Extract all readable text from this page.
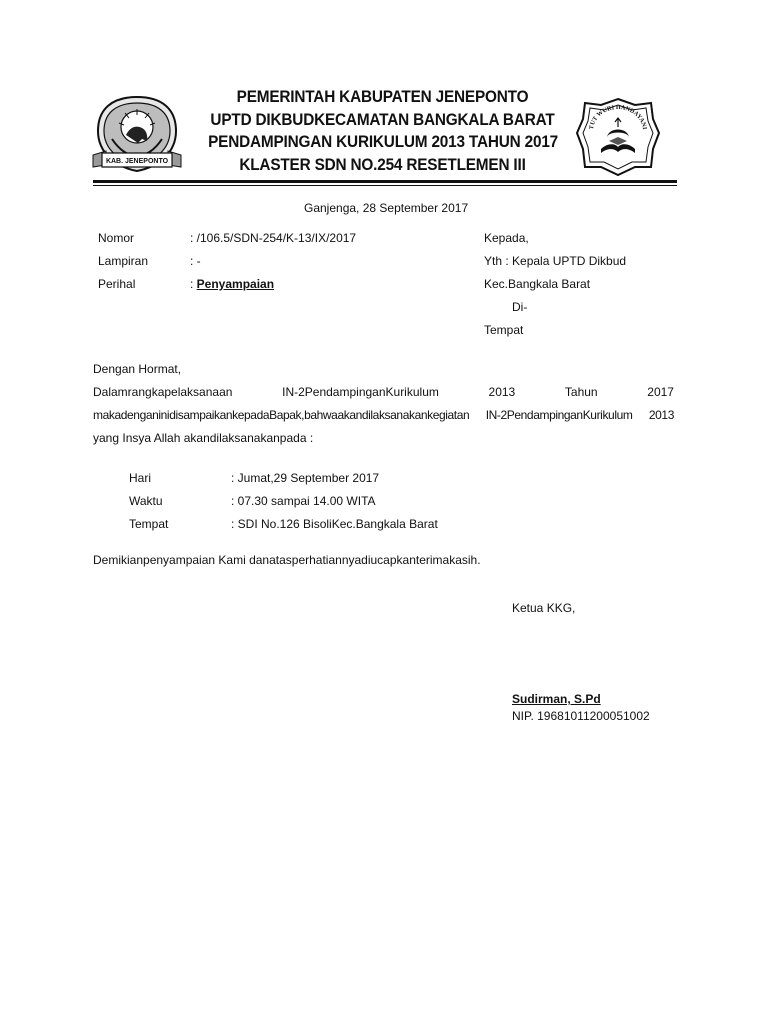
KAB. JENEPONTO
PEMERINTAH KABUPATEN JENEPONTO
UPTD DIKBUDKECAMATAN BANGKALA BARAT
PENDAMPINGAN KURIKULUM 2013 TAHUN 2017
KLASTER SDN NO.254 RESETLEMEN III
TUT WURI HANDAYANI
Ganjenga, 28 September 2017
Nomor	: /106.5/SDN-254/K-13/IX/2017
Lampiran	: -
Perihal	: Penyampaian
Kepada,
Yth : Kepala UPTD Dikbud
Kec.Bangkala Barat
Di-
Tempat
Dengan Hormat,
Dalamrangkapelaksanaan	IN-2PendampinganKurikulum	2013	Tahun	2017
makadenganinidisampaikankepadaBapak,bahwaakandilaksanakankegiatan IN-2PendampinganKurikulum 2013
yang Insya Allah akandilaksanakanpada :
Hari	: Jumat,29 September 2017
Waktu	: 07.30 sampai 14.00 WITA
Tempat	: SDI No.126 BisoliKec.Bangkala Barat
Demikianpenyampaian Kami danatasperhatiannyadiucapkanterimakasih.
Ketua KKG,
Sudirman, S.Pd
NIP. 19681011200051002
